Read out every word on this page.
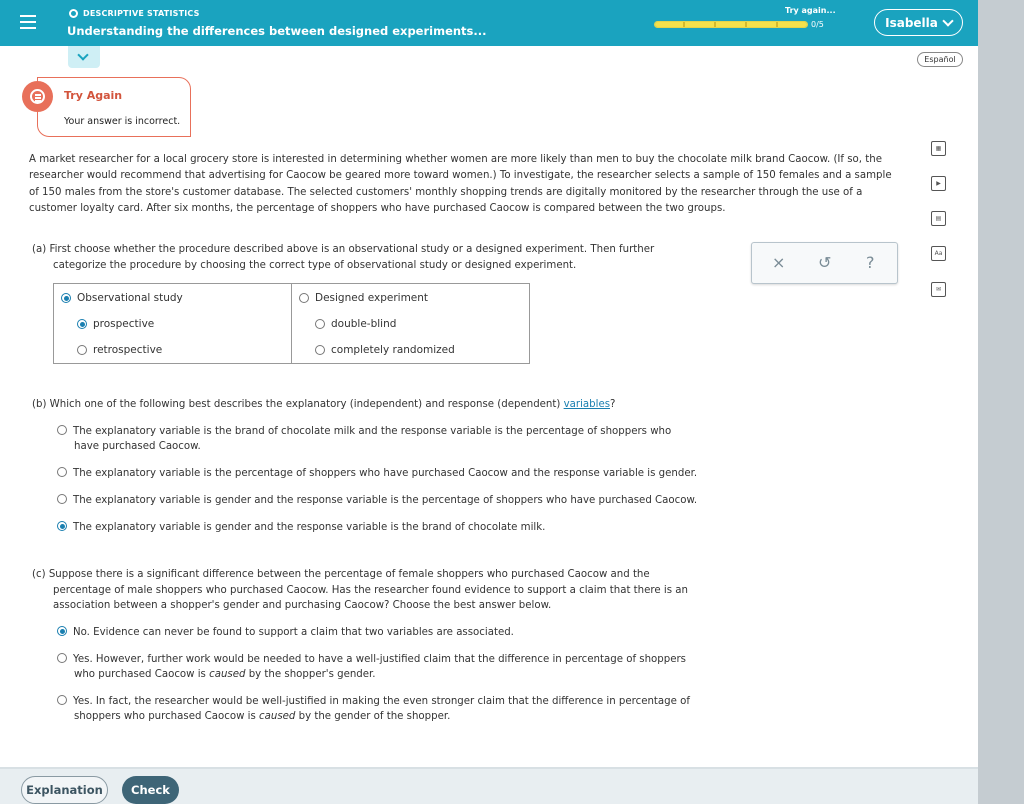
DESCRIPTIVE STATISTICS
Understanding the differences between designed experiments...
Try again...
0/5	Isabella
Español
Try Again
Your answer is incorrect.
A market researcher for a local grocery store is interested in determining whether women are more likely than men to buy the chocolate milk brand Caocow. (If so, the researcher would recommend that advertising for Caocow be geared more toward women.) To investigate, the researcher selects a sample of 150 females and a sample of 150 males from the store's customer database. The selected customers' monthly shopping trends are digitally monitored by the researcher through the use of a customer loyalty card. After six months, the percentage of shoppers who have purchased Caocow is compared between the two groups.
(a) First choose whether the procedure described above is an observational study or a designed experiment. Then further
categorize the procedure by choosing the correct type of observational study or designed experiment.
Observational study
prospective
retrospective
Designed experiment
double-blind
completely randomized
× ↺ ?
▦
▶
▤
Aa
✉
(b) Which one of the following best describes the explanatory (independent) and response (dependent) variables?
The explanatory variable is the brand of chocolate milk and the response variable is the percentage of shoppers who
have purchased Caocow.
The explanatory variable is the percentage of shoppers who have purchased Caocow and the response variable is gender.
The explanatory variable is gender and the response variable is the percentage of shoppers who have purchased Caocow.
The explanatory variable is gender and the response variable is the brand of chocolate milk.
(c) Suppose there is a significant difference between the percentage of female shoppers who purchased Caocow and the
percentage of male shoppers who purchased Caocow. Has the researcher found evidence to support a claim that there is an
association between a shopper's gender and purchasing Caocow? Choose the best answer below.
No. Evidence can never be found to support a claim that two variables are associated.
Yes. However, further work would be needed to have a well-justified claim that the difference in percentage of shoppers
who purchased Caocow is caused by the shopper's gender.
Yes. In fact, the researcher would be well-justified in making the even stronger claim that the difference in percentage of
shoppers who purchased Caocow is caused by the gender of the shopper.
Explanation	Check
